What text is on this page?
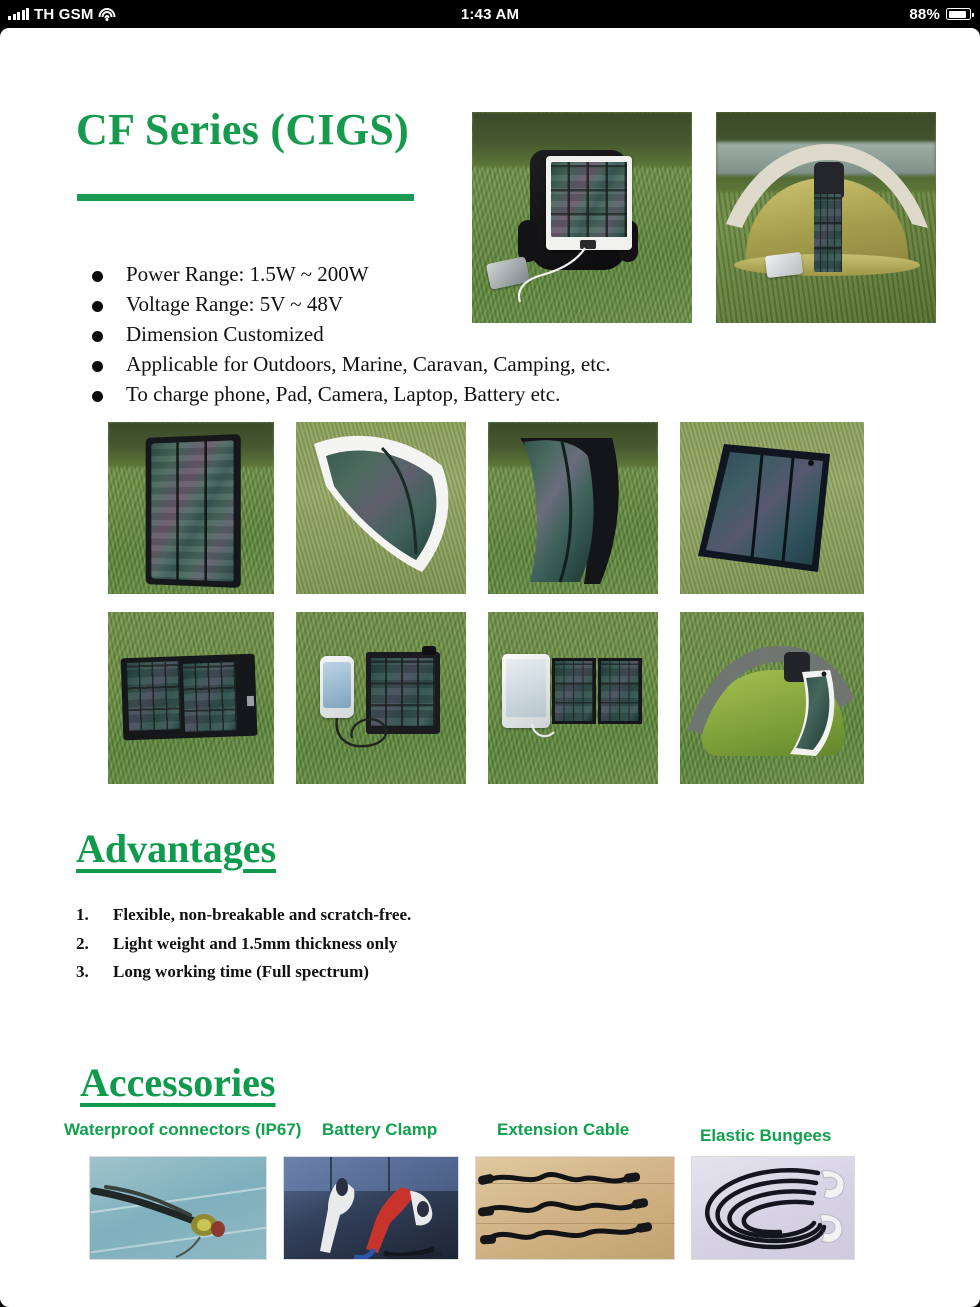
TH GSM	1:43 AM	88%
CF Series (CIGS)
Power Range: 1.5W ~ 200W
Voltage Range: 5V ~ 48V
Dimension Customized
Applicable for Outdoors, Marine, Caravan, Camping, etc.
To charge phone, Pad, Camera, Laptop, Battery etc.
Advantages
1.	Flexible, non-breakable and scratch-free.
2.	Light weight and 1.5mm thickness only
3.	Long working time (Full spectrum)
Accessories
Waterproof connectors (IP67) Battery Clamp	Extension Cable	Elastic Bungees
